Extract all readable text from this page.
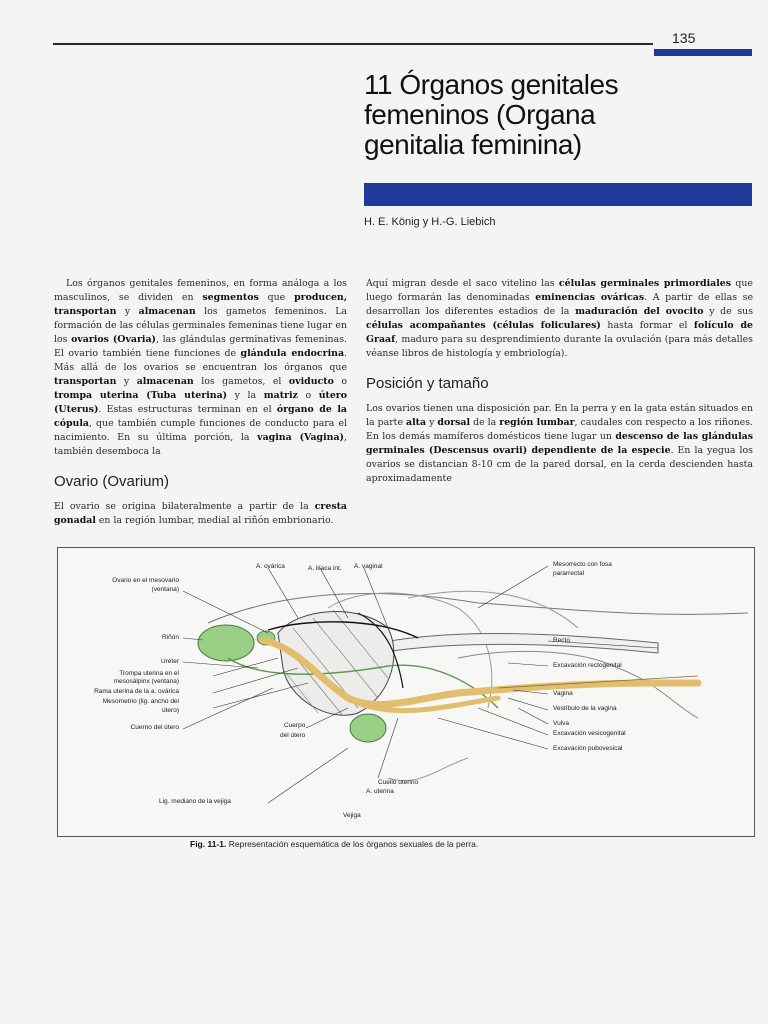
135
11 Órganos genitales
femeninos (Organa
genitalia feminina)
H. E. König y H.-G. Liebich

Los órganos genitales femeninos, en forma análoga a los masculinos, se dividen en segmentos que producen, transportan y almacenan los gametos femeninos. La formación de las células germinales femeninas tiene lugar en los ovarios (Ovaria), las glándulas germinativas femeninas. El ovario también tiene funciones de glándula endocrina. Más allá de los ovarios se encuentran los órganos que transportan y almacenan los gametos, el oviducto o trompa uterina (Tuba uterina) y la matriz o útero (Uterus). Estas estructuras terminan en el órgano de la cópula, que también cumple funciones de conducto para el nacimiento. En su última porción, la vagina (Vagina), también desemboca la

Ovario (Ovarium)

El ovario se origina bilateralmente a partir de la cresta gonadal en la región lumbar, medial al riñón embrionario.

Aquí migran desde el saco vitelino las células germinales primordiales que luego formarán las denominadas eminencias ováricas. A partir de ellas se desarrollan los diferentes estadios de la maduración del ovocito y de sus células acompañantes (células foliculares) hasta formar el folículo de Graaf, maduro para su desprendimiento durante la ovulación (para más detalles véanse libros de histología y embriología).

Posición y tamaño

Los ovarios tienen una disposición par. En la perra y en la gata están situados en la parte alta y dorsal de la región lumbar, caudales con respecto a los riñones. En los demás mamíferos domésticos tiene lugar un descenso de las glándulas germinales (Descensus ovarii) dependiente de la especie. En la yegua los ovarios se distancian 8-10 cm de la pared dorsal, en la cerda descienden hasta aproximadamente

A. ovárica	A. ilíaca int. A. vaginal
Ovario en el mesovario
(ventana)
Riñón
Uréter
Trompa uterina en el
mesosálpinx (ventana)
Rama uterina de la a. ovárica
Mesometrio (lig. ancho del
útero)
Cuerno del útero
Mesorrecto con fosa
pararrectal
Recto
Excavación rectogenital
Vagina
Vestíbulo de la vagina
Vulva
Excavación vesicogenital
Excavación pubovesical
Cuerpo
del útero
Cuello uterino
A. uterina
Lig. mediano de la vejiga
Vejiga
Fig. 11-1. Representación esquemática de los órganos sexuales de la perra.
